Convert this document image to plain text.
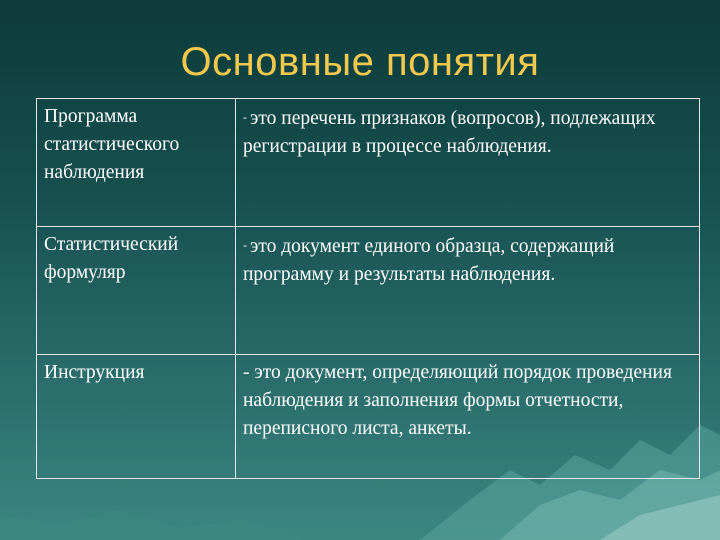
Основные понятия
Программа статистического наблюдения	- это перечень признаков (вопросов), подлежащих регистрации в процессе наблюдения.
Статистический формуляр	- это документ единого образца, содержащий программу и результаты наблюдения.
Инструкция	- это документ, определяющий порядок проведения наблюдения и заполнения формы отчетности, переписного листа, анкеты.
